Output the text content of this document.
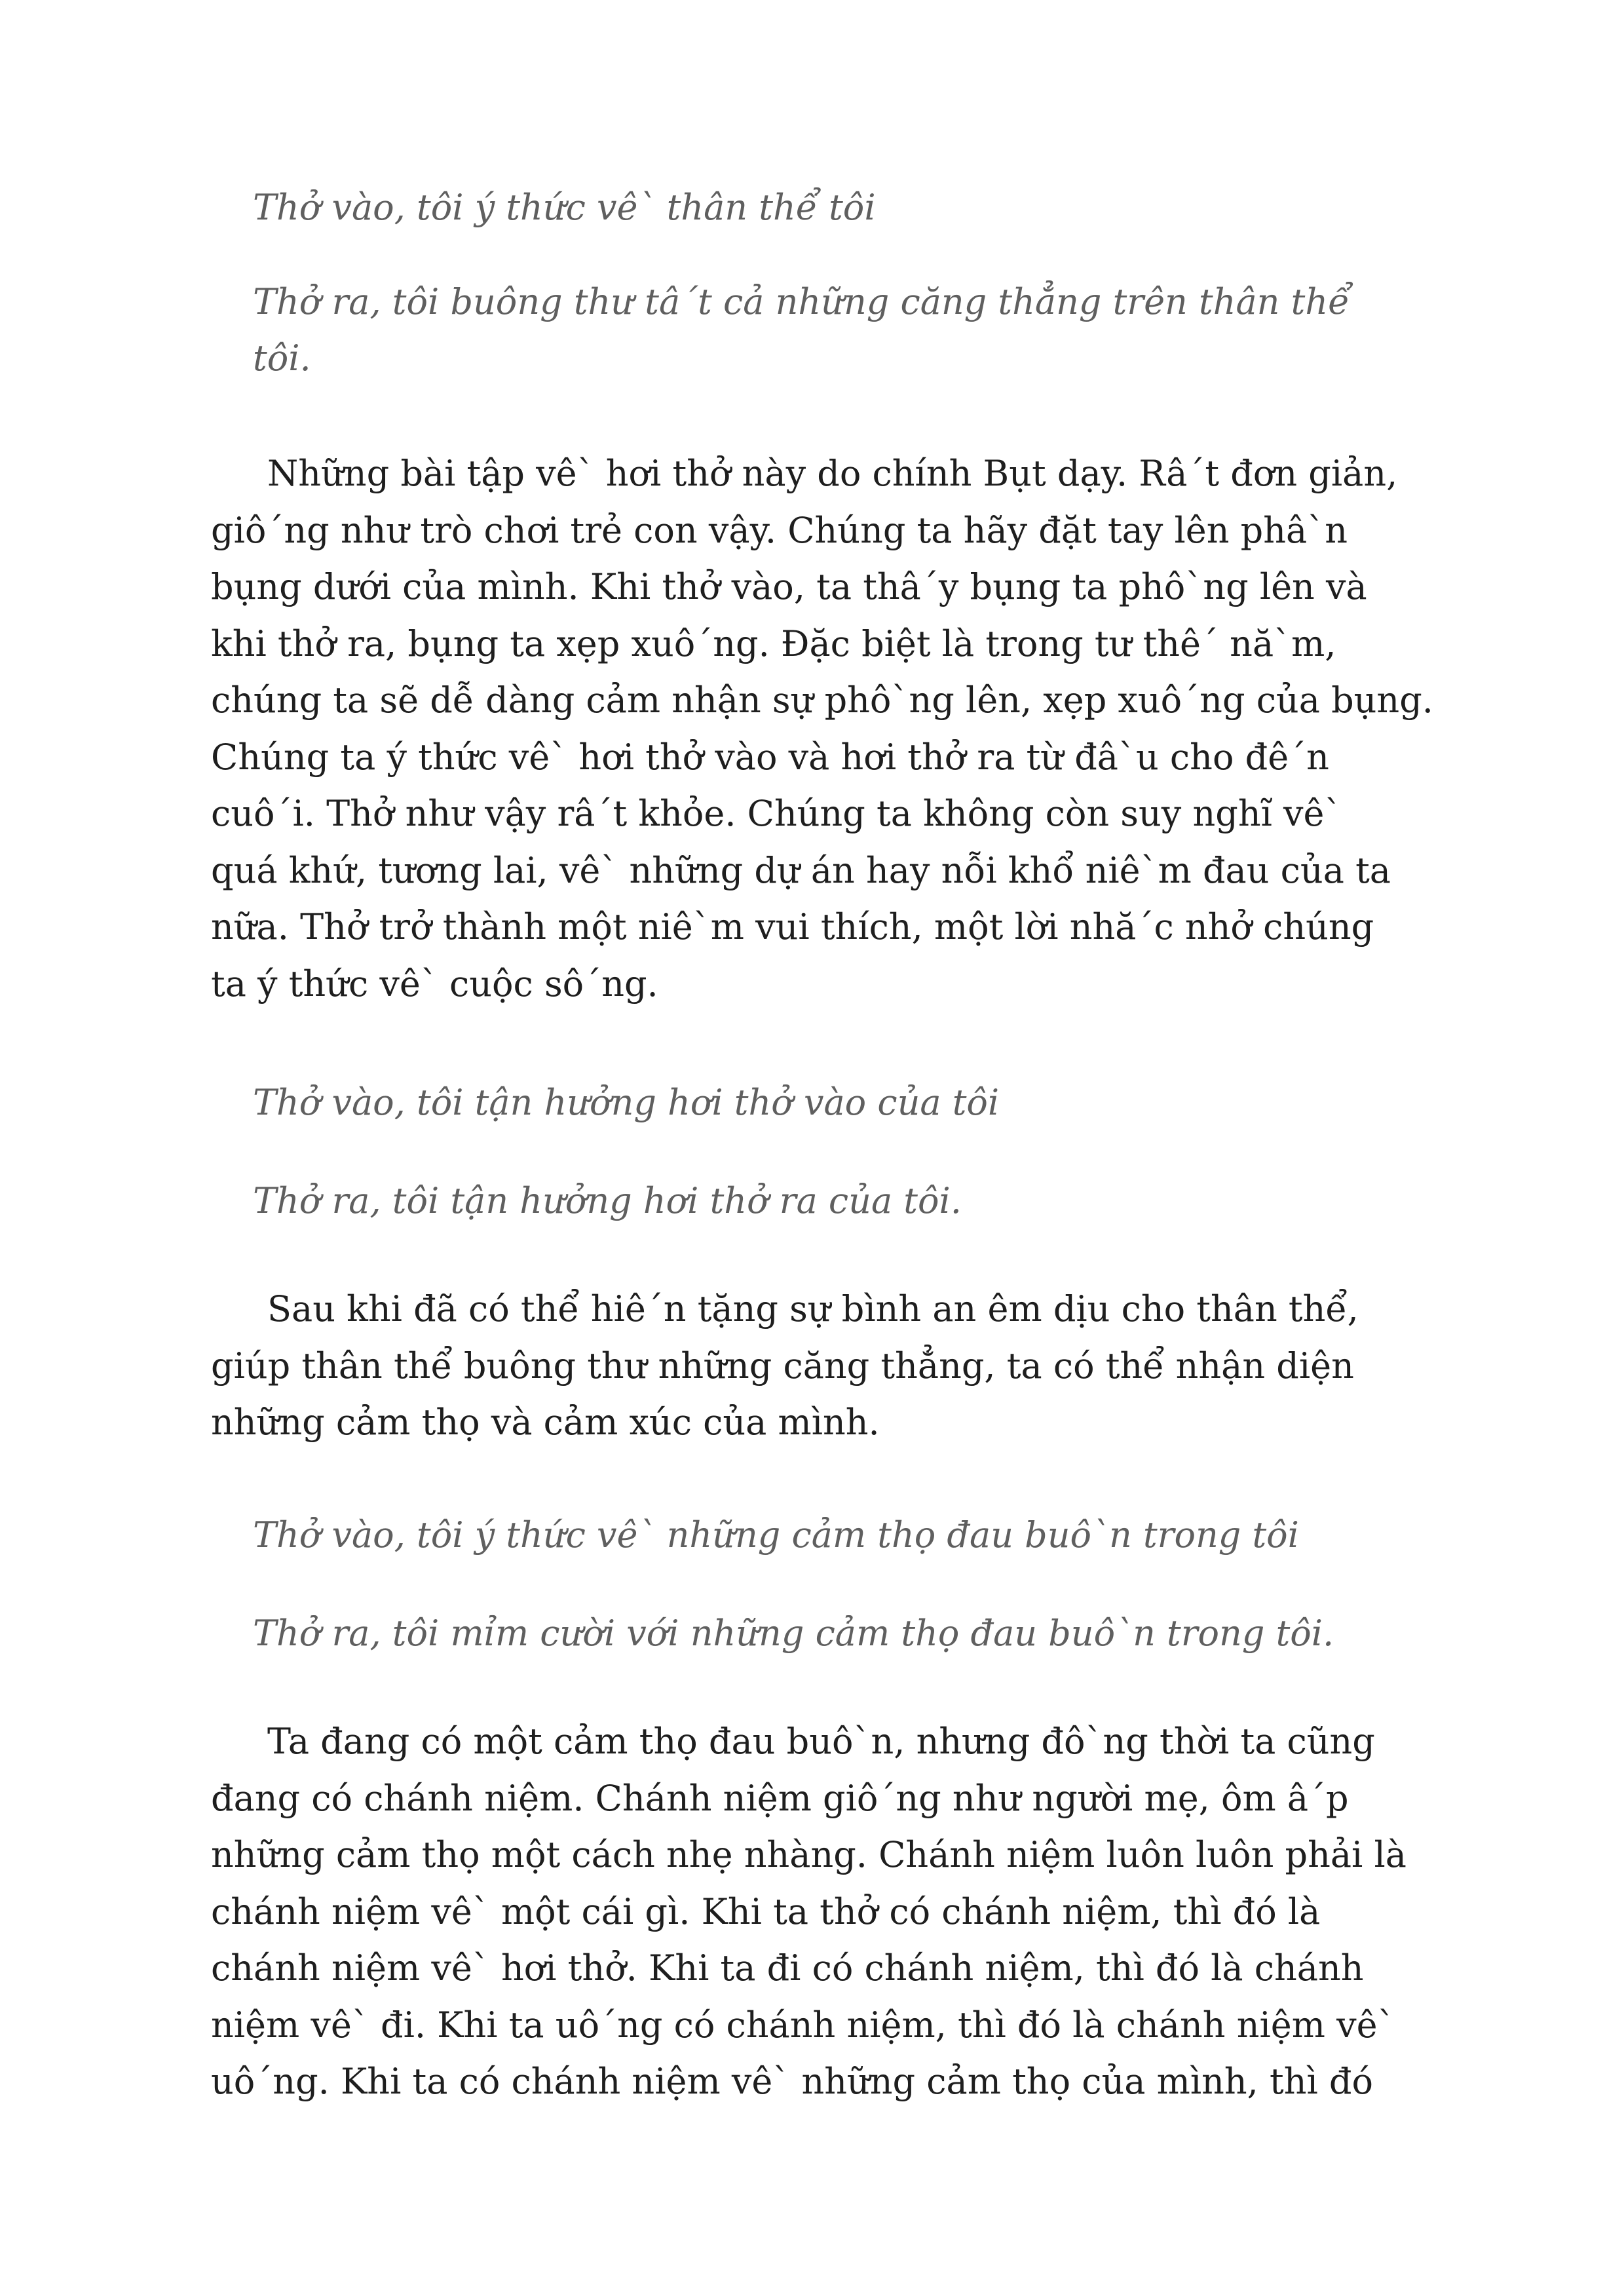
Thở vào, tôi ý thức vê` thân thể tôi
Thở ra, tôi buông thư tâ´t cả những căng thẳng trên thân thể tôi.
Những bài tập vê` hơi thở này do chính Bụt dạy. Râ´t đơn giản,
giô´ng như trò chơi trẻ con vậy. Chúng ta hãy đặt tay lên phâ`n
bụng dưới của mình. Khi thở vào, ta thâ´y bụng ta phô`ng lên và
khi thở ra, bụng ta xẹp xuô´ng. Đặc biệt là trong tư thê´ nă`m,
chúng ta sẽ dễ dàng cảm nhận sự phô`ng lên, xẹp xuô´ng của bụng.
Chúng ta ý thức vê` hơi thở vào và hơi thở ra từ đâ`u cho đê´n
cuô´i. Thở như vậy râ´t khỏe. Chúng ta không còn suy nghĩ vê`
quá khứ, tương lai, vê` những dự án hay nỗi khổ niê`m đau của ta
nữa. Thở trở thành một niê`m vui thích, một lời nhă´c nhở chúng
ta ý thức vê` cuộc sô´ng.
Thở vào, tôi tận hưởng hơi thở vào của tôi
Thở ra, tôi tận hưởng hơi thở ra của tôi.
Sau khi đã có thể hiê´n tặng sự bình an êm dịu cho thân thể,
giúp thân thể buông thư những căng thẳng, ta có thể nhận diện
những cảm thọ và cảm xúc của mình.
Thở vào, tôi ý thức vê` những cảm thọ đau buô`n trong tôi
Thở ra, tôi mỉm cười với những cảm thọ đau buô`n trong tôi.
Ta đang có một cảm thọ đau buô`n, nhưng đô`ng thời ta cũng
đang có chánh niệm. Chánh niệm giô´ng như người mẹ, ôm â´p
những cảm thọ một cách nhẹ nhàng. Chánh niệm luôn luôn phải là
chánh niệm vê` một cái gì. Khi ta thở có chánh niệm, thì đó là
chánh niệm vê` hơi thở. Khi ta đi có chánh niệm, thì đó là chánh
niệm vê` đi. Khi ta uô´ng có chánh niệm, thì đó là chánh niệm vê`
uô´ng. Khi ta có chánh niệm vê` những cảm thọ của mình, thì đó
